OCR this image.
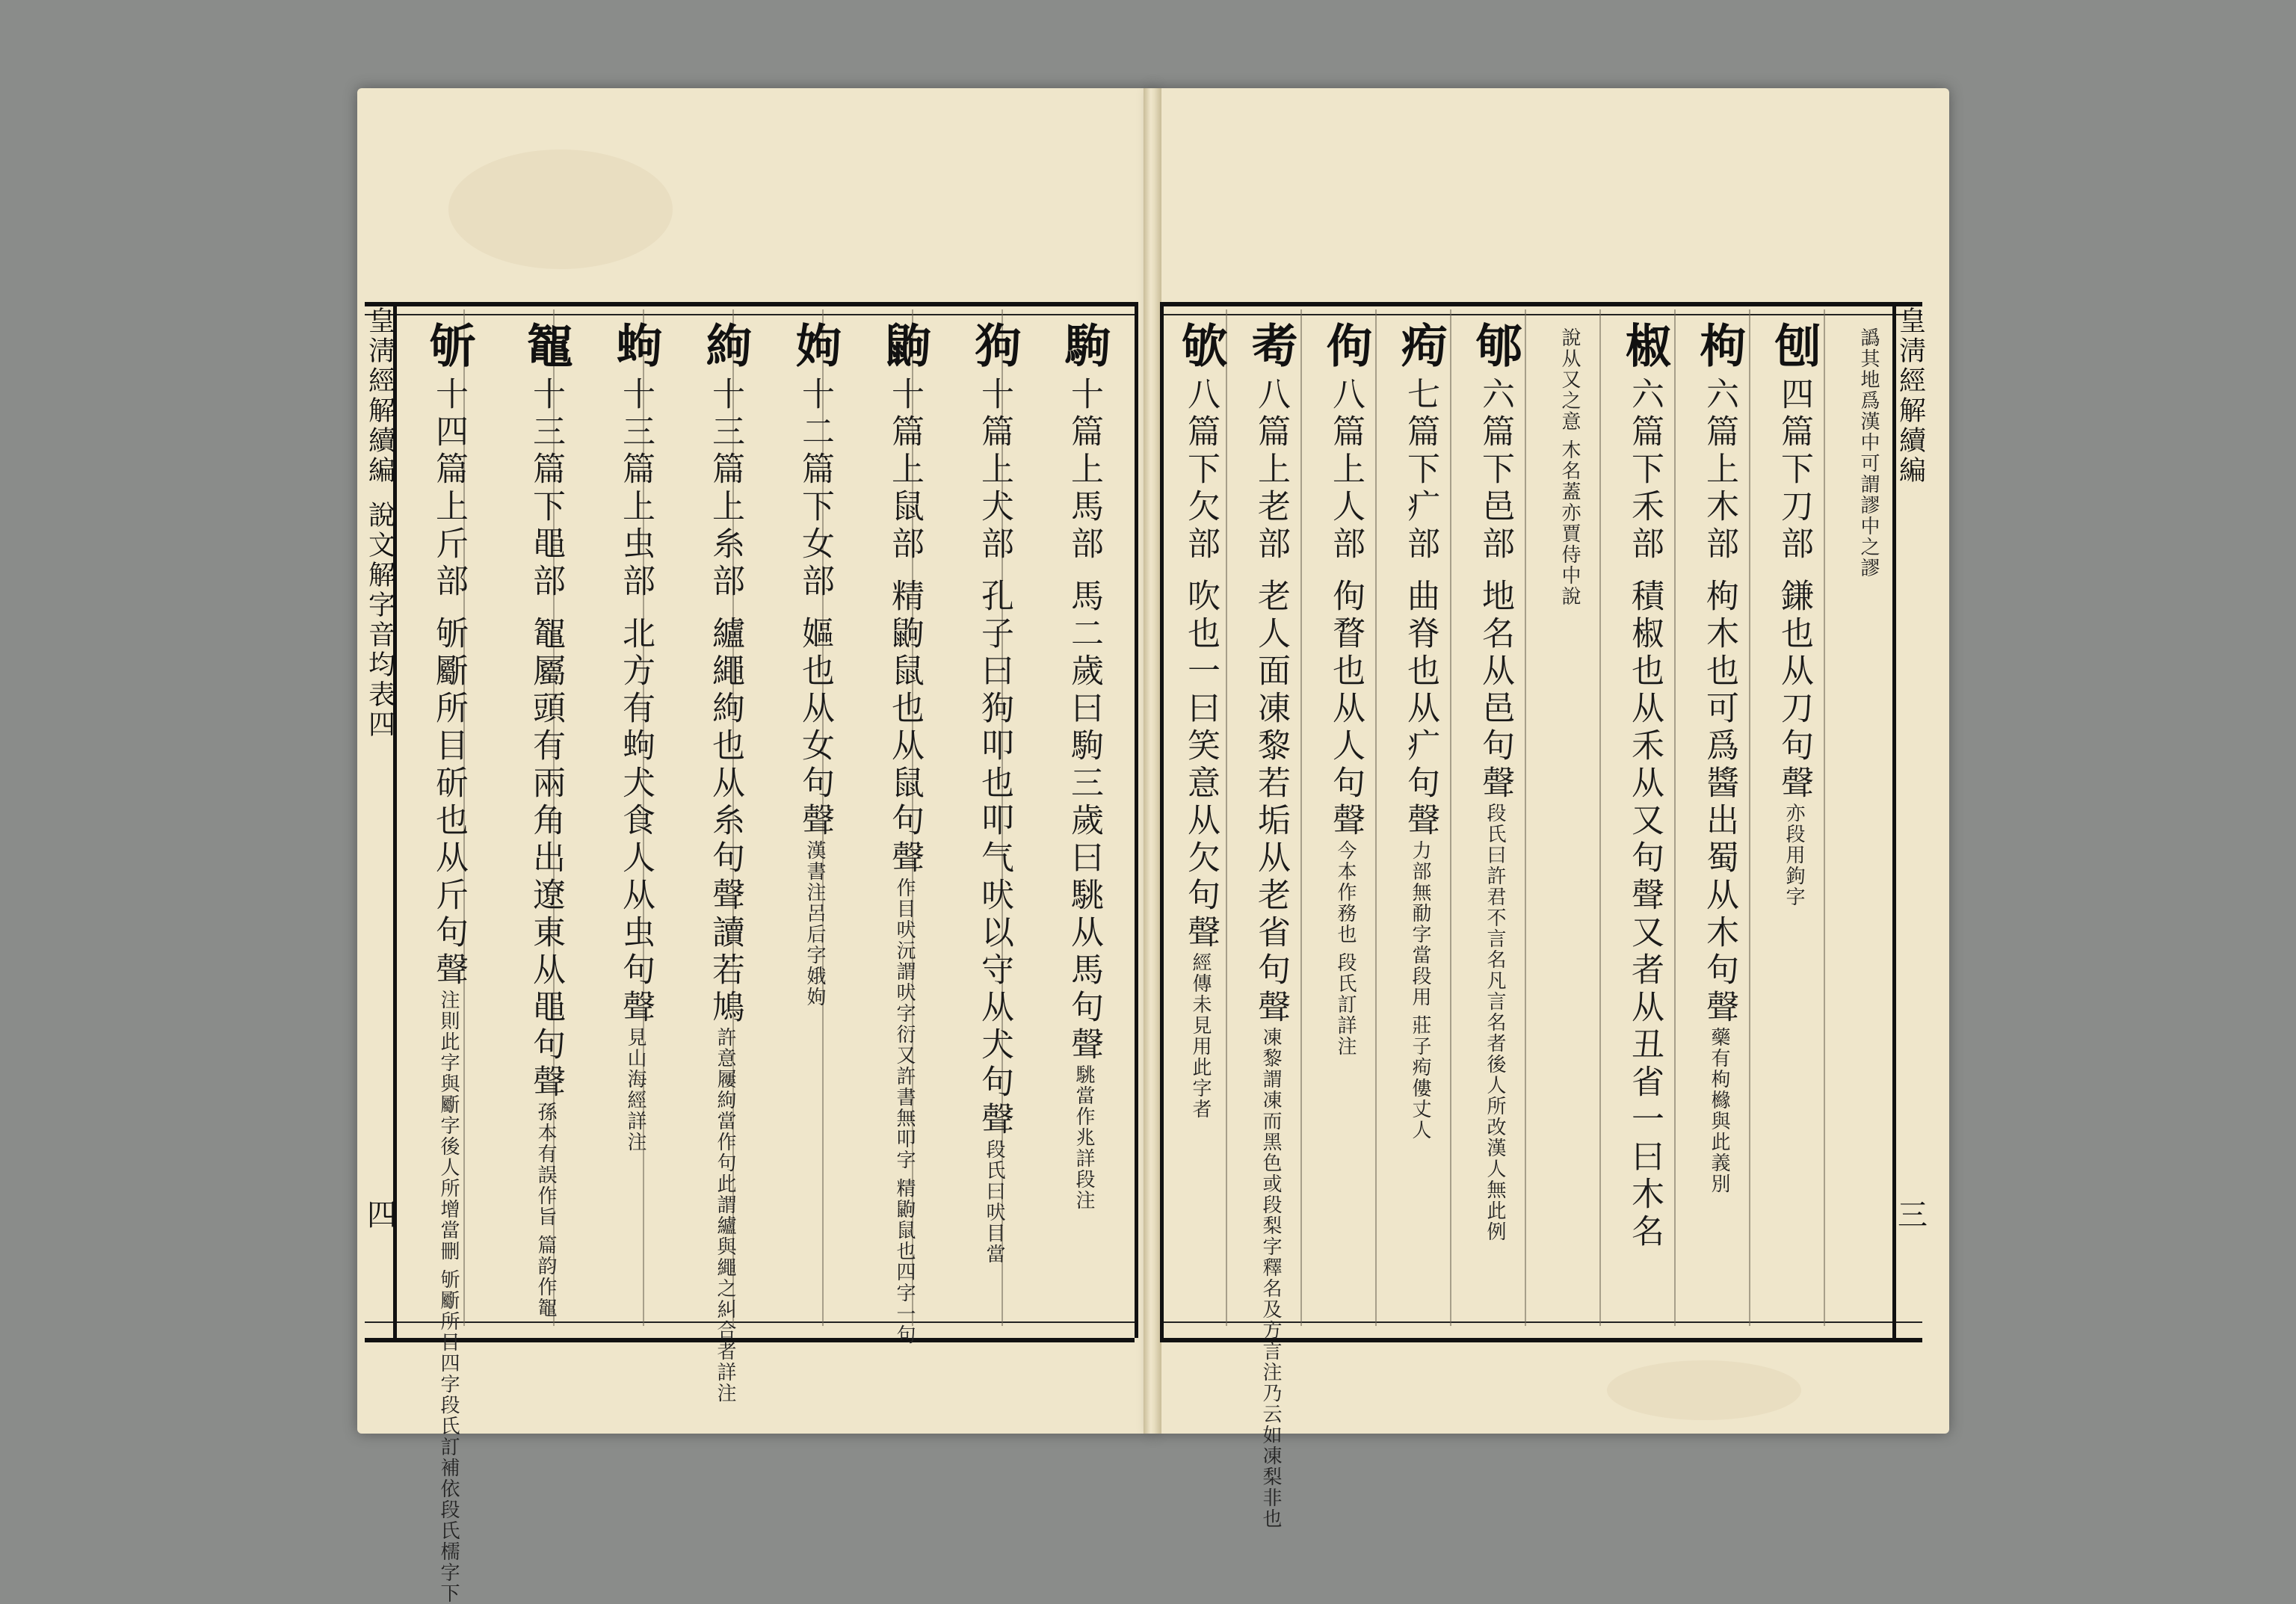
皇淸經解續編
說文解字音均表四
四
皇淸經解續編
三
駒
十篇上馬部 馬二歲曰駒三歲曰駣从馬句聲
駣當作兆詳段注
狗
十篇上犬部 孔子曰狗叩也叩气吠以守从犬句聲
段氏曰吠目當
鼩
十篇上鼠部 精鼩鼠也从鼠句聲
作目吠沅謂吠字衍又許書無叩字 精鼩鼠也四字一句
姁
十二篇下女部 嫗也从女句聲
漢書注呂后字娥姁
絇
十三篇上糸部 纑繩絇也从糸句聲讀若鳩
許意屨絇當作句此謂纑與繩之糾合者詳注
蚼
十三篇上虫部 北方有蚼犬食人从虫句聲
見山海經詳注
鼅
十三篇下黽部 鼅屬頭有兩角出遼東从黽句聲
孫本有誤作旨 篇韵作鼅
斪
十四篇上斤部 斪斸所目斫也从斤句聲
注則此字與斸字後人所增當刪 斪斸所目四字段氏訂補依段氏檽字下
譌其地爲漢中可謂謬中之謬
刨
四篇下刀部 鎌也从刀句聲
亦段用鉤字
枸
六篇上木部 枸木也可爲醬出蜀从木句聲
藥有枸櫞與此義別
椒
六篇下禾部 積椒也从禾从又句聲又者从丑省一曰木名
說从又之意 木名蓋亦賈侍中說
郇
六篇下邑部 地名从邑句聲
段氏曰許君不言名凡言名者後人所改漢人無此例
痀
七篇下疒部 曲脊也从疒句聲
力部無勈字當段用 莊子痀僂丈人
佝
八篇上人部 佝瞀也从人句聲
今本作務也 段氏訂詳注
耇
八篇上老部 老人面凍黎若垢从老省句聲
凍黎謂凍而黑色或段梨字釋名及方言注乃云如凍梨非也
欨
八篇下欠部 吹也一曰笑意从欠句聲
經傳未見用此字者
